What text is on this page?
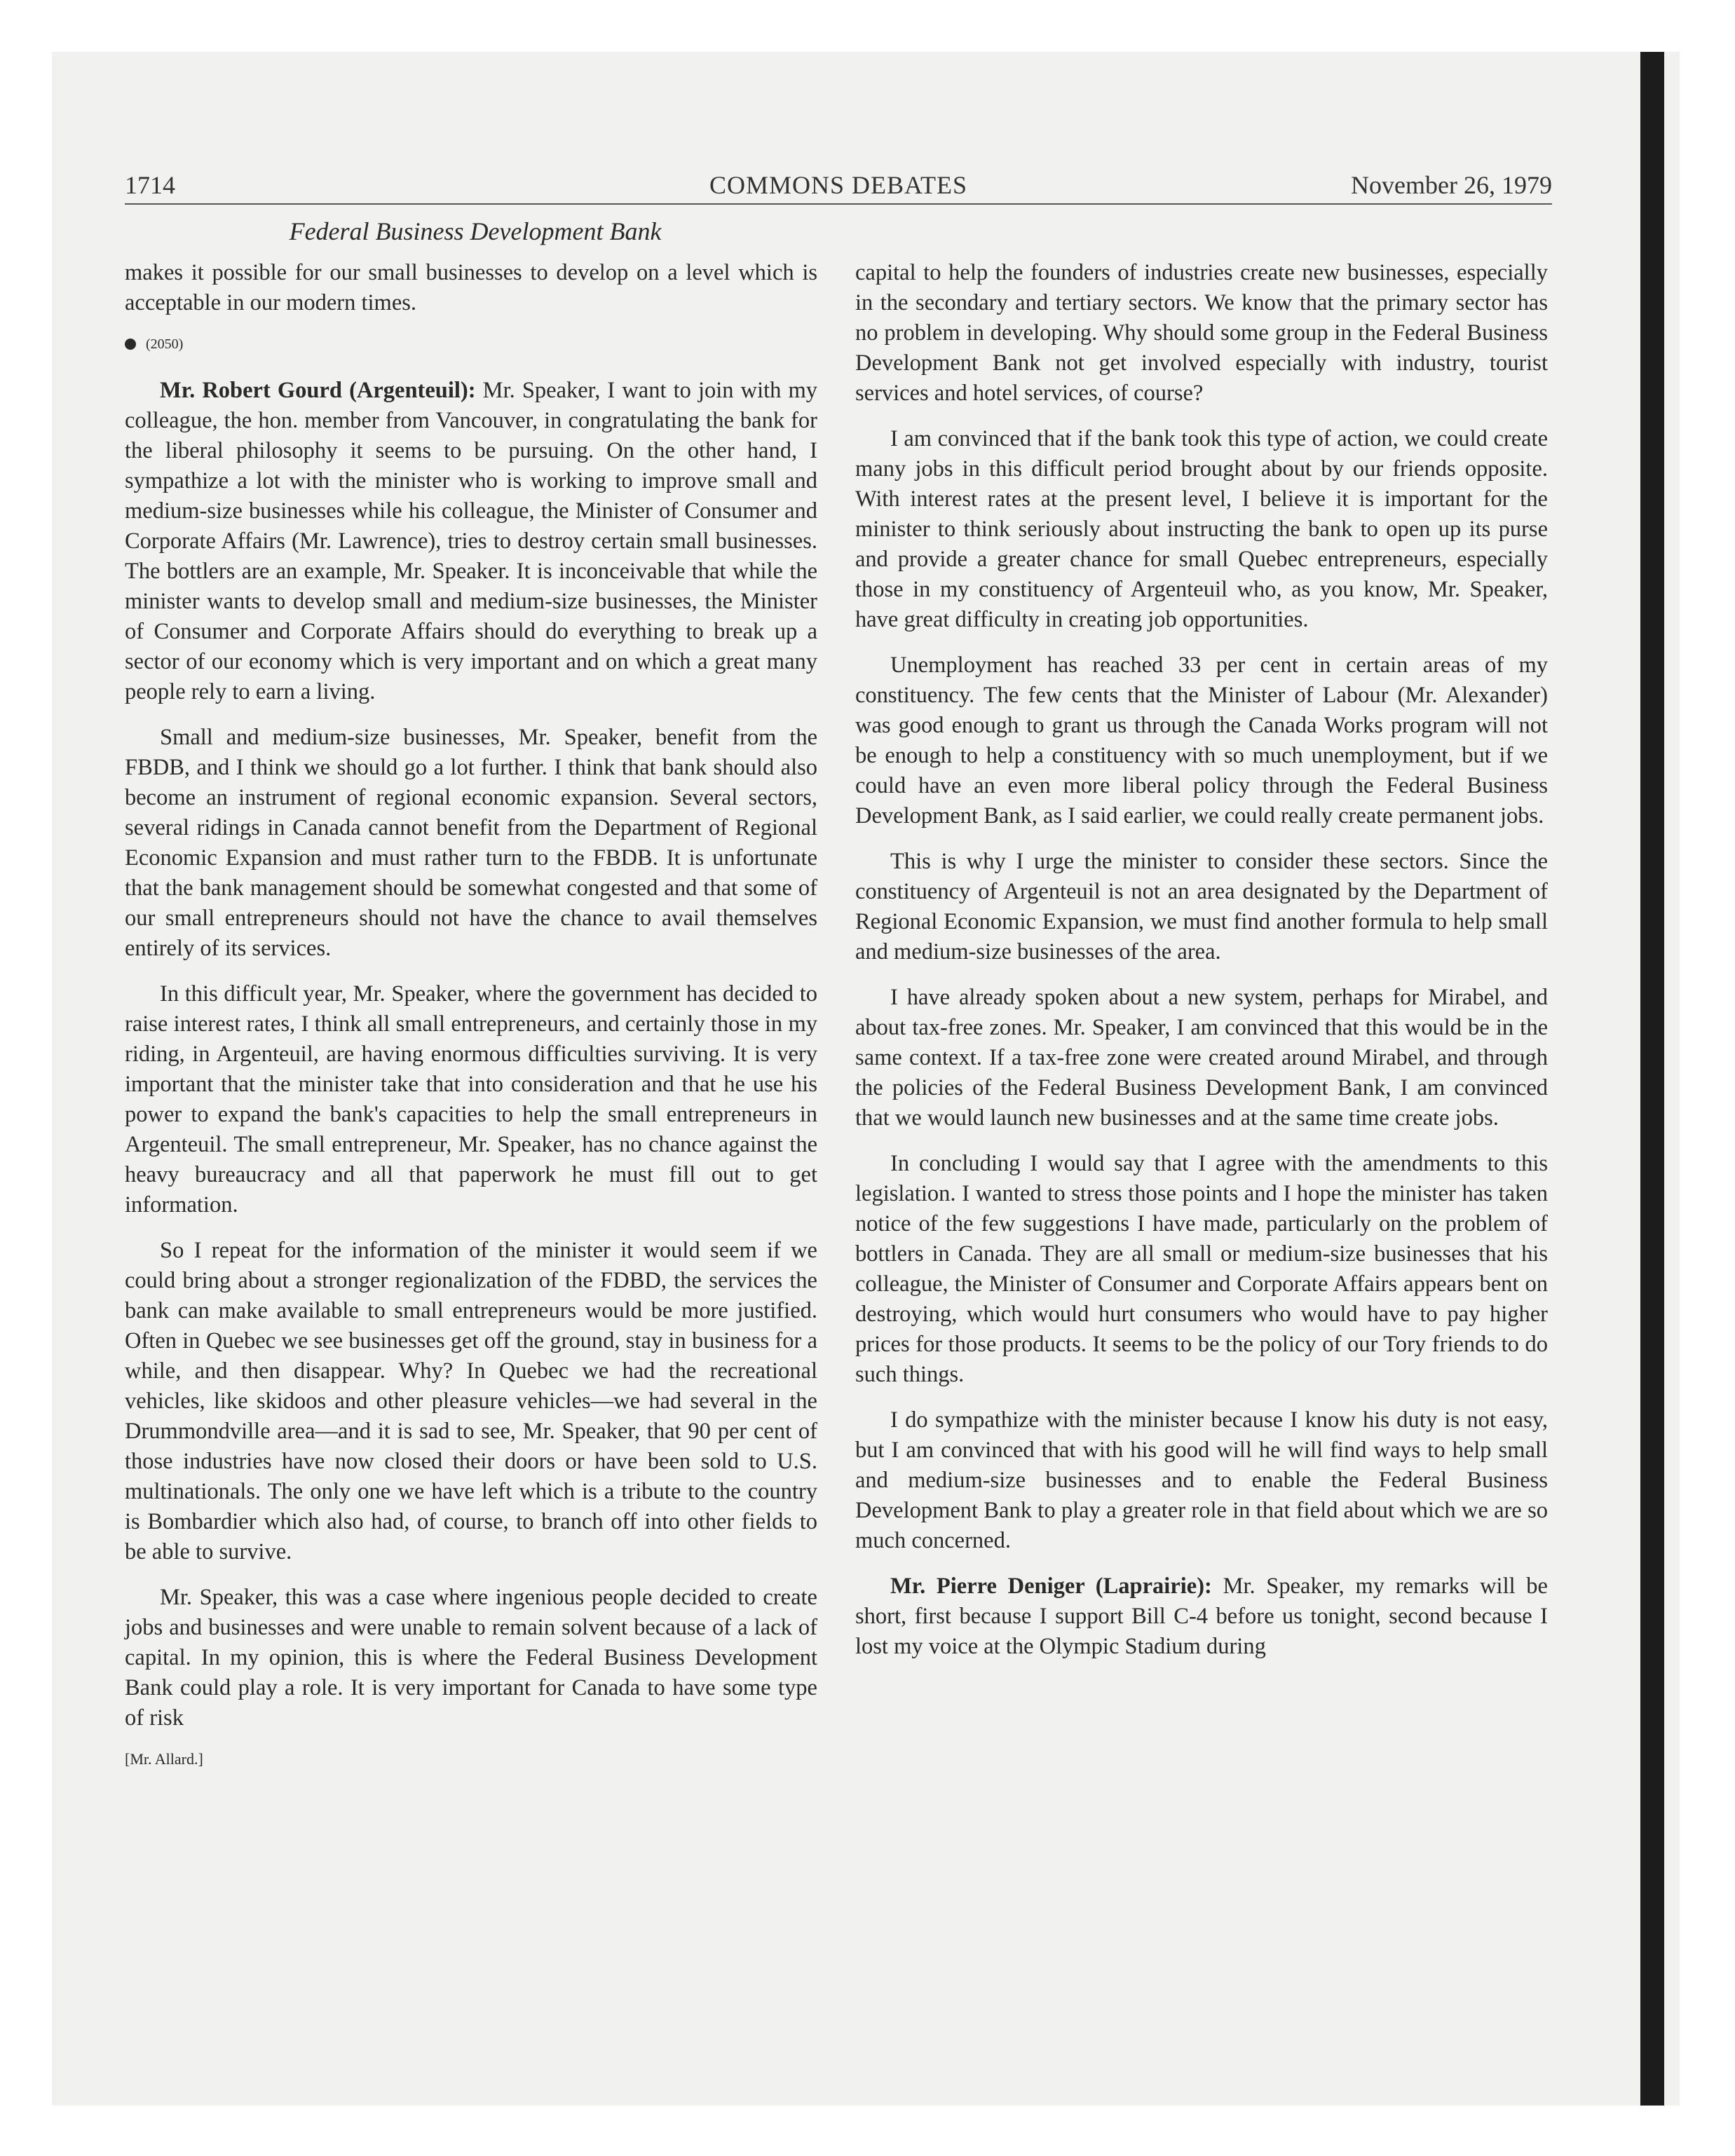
1714	COMMONS DEBATES	November 26, 1979
Federal Business Development Bank

makes it possible for our small businesses to develop on a level which is acceptable in our modern times.

(2050)

Mr. Robert Gourd (Argenteuil): Mr. Speaker, I want to join with my colleague, the hon. member from Vancouver, in congratulating the bank for the liberal philosophy it seems to be pursuing. On the other hand, I sympathize a lot with the minister who is working to improve small and medium-size businesses while his colleague, the Minister of Consumer and Corporate Affairs (Mr. Lawrence), tries to destroy certain small businesses. The bottlers are an example, Mr. Speaker. It is inconceivable that while the minister wants to develop small and medium-size businesses, the Minister of Consumer and Corporate Affairs should do everything to break up a sector of our economy which is very important and on which a great many people rely to earn a living.

Small and medium-size businesses, Mr. Speaker, benefit from the FBDB, and I think we should go a lot further. I think that bank should also become an instrument of regional economic expansion. Several sectors, several ridings in Canada cannot benefit from the Department of Regional Economic Expansion and must rather turn to the FBDB. It is unfortunate that the bank management should be somewhat congested and that some of our small entrepreneurs should not have the chance to avail themselves entirely of its services.

In this difficult year, Mr. Speaker, where the government has decided to raise interest rates, I think all small entrepreneurs, and certainly those in my riding, in Argenteuil, are having enormous difficulties surviving. It is very important that the minister take that into consideration and that he use his power to expand the bank's capacities to help the small entrepreneurs in Argenteuil. The small entrepreneur, Mr. Speaker, has no chance against the heavy bureaucracy and all that paperwork he must fill out to get information.

So I repeat for the information of the minister it would seem if we could bring about a stronger regionalization of the FDBD, the services the bank can make available to small entrepreneurs would be more justified. Often in Quebec we see businesses get off the ground, stay in business for a while, and then disappear. Why? In Quebec we had the recreational vehicles, like skidoos and other pleasure vehicles—we had several in the Drummondville area—and it is sad to see, Mr. Speaker, that 90 per cent of those industries have now closed their doors or have been sold to U.S. multinationals. The only one we have left which is a tribute to the country is Bombardier which also had, of course, to branch off into other fields to be able to survive.

Mr. Speaker, this was a case where ingenious people decided to create jobs and businesses and were unable to remain solvent because of a lack of capital. In my opinion, this is where the Federal Business Development Bank could play a role. It is very important for Canada to have some type of risk

[Mr. Allard.]

capital to help the founders of industries create new businesses, especially in the secondary and tertiary sectors. We know that the primary sector has no problem in developing. Why should some group in the Federal Business Development Bank not get involved especially with industry, tourist services and hotel services, of course?

I am convinced that if the bank took this type of action, we could create many jobs in this difficult period brought about by our friends opposite. With interest rates at the present level, I believe it is important for the minister to think seriously about instructing the bank to open up its purse and provide a greater chance for small Quebec entrepreneurs, especially those in my constituency of Argenteuil who, as you know, Mr. Speaker, have great difficulty in creating job opportunities.

Unemployment has reached 33 per cent in certain areas of my constituency. The few cents that the Minister of Labour (Mr. Alexander) was good enough to grant us through the Canada Works program will not be enough to help a constituency with so much unemployment, but if we could have an even more liberal policy through the Federal Business Development Bank, as I said earlier, we could really create permanent jobs.

This is why I urge the minister to consider these sectors. Since the constituency of Argenteuil is not an area designated by the Department of Regional Economic Expansion, we must find another formula to help small and medium-size businesses of the area.

I have already spoken about a new system, perhaps for Mirabel, and about tax-free zones. Mr. Speaker, I am convinced that this would be in the same context. If a tax-free zone were created around Mirabel, and through the policies of the Federal Business Development Bank, I am convinced that we would launch new businesses and at the same time create jobs.

In concluding I would say that I agree with the amendments to this legislation. I wanted to stress those points and I hope the minister has taken notice of the few suggestions I have made, particularly on the problem of bottlers in Canada. They are all small or medium-size businesses that his colleague, the Minister of Consumer and Corporate Affairs appears bent on destroying, which would hurt consumers who would have to pay higher prices for those products. It seems to be the policy of our Tory friends to do such things.

I do sympathize with the minister because I know his duty is not easy, but I am convinced that with his good will he will find ways to help small and medium-size businesses and to enable the Federal Business Development Bank to play a greater role in that field about which we are so much concerned.

Mr. Pierre Deniger (Laprairie): Mr. Speaker, my remarks will be short, first because I support Bill C-4 before us tonight, second because I lost my voice at the Olympic Stadium during
